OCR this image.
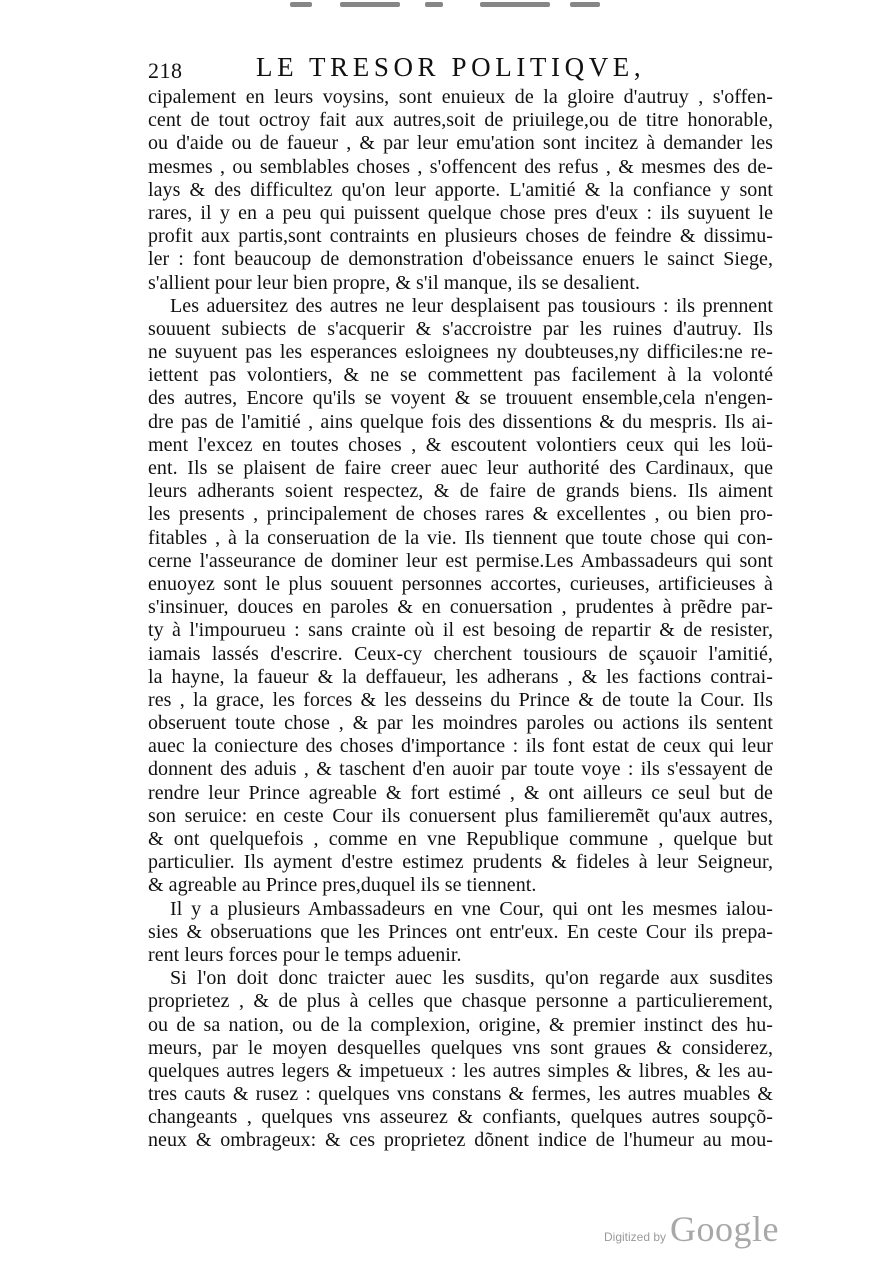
218	LE TRESOR POLITIQVE,
cipalement en leurs voysins, sont enuieux de la gloire d'autruy , s'offen-
cent de tout octroy fait aux autres,soit de priuilege,ou de titre honorable,
ou d'aide ou de faueur , & par leur emu'ation sont incitez à demander les
mesmes , ou semblables choses , s'offencent des refus , & mesmes des de-
lays & des difficultez qu'on leur apporte. L'amitié & la confiance y sont
rares, il y en a peu qui puissent quelque chose pres d'eux : ils suyuent le
profit aux partis,sont contraints en plusieurs choses de feindre & dissimu-
ler : font beaucoup de demonstration d'obeissance enuers le sainct Siege,
s'allient pour leur bien propre, & s'il manque, ils se desalient.
Les aduersitez des autres ne leur desplaisent pas tousiours : ils prennent
souuent subiects de s'acquerir & s'accroistre par les ruines d'autruy. Ils
ne suyuent pas les esperances esloignees ny doubteuses,ny difficiles:ne re-
iettent pas volontiers, & ne se commettent pas facilement à la volonté
des autres, Encore qu'ils se voyent & se trouuent ensemble,cela n'engen-
dre pas de l'amitié , ains quelque fois des dissentions & du mespris. Ils ai-
ment l'excez en toutes choses , & escoutent volontiers ceux qui les loü-
ent. Ils se plaisent de faire creer auec leur authorité des Cardinaux, que
leurs adherants soient respectez, & de faire de grands biens. Ils aiment
les presents , principalement de choses rares & excellentes , ou bien pro-
fitables , à la conseruation de la vie. Ils tiennent que toute chose qui con-
cerne l'asseurance de dominer leur est permise.Les Ambassadeurs qui sont
enuoyez sont le plus souuent personnes accortes, curieuses, artificieuses à
s'insinuer, douces en paroles & en conuersation , prudentes à prẽdre par-
ty à l'impourueu : sans crainte où il est besoing de repartir & de resister,
iamais lassés d'escrire. Ceux-cy cherchent tousiours de sçauoir l'amitié,
la hayne, la faueur & la deffaueur, les adherans , & les factions contrai-
res , la grace, les forces & les desseins du Prince & de toute la Cour. Ils
obseruent toute chose , & par les moindres paroles ou actions ils sentent
auec la coniecture des choses d'importance : ils font estat de ceux qui leur
donnent des aduis , & taschent d'en auoir par toute voye : ils s'essayent de
rendre leur Prince agreable & fort estimé , & ont ailleurs ce seul but de
son seruice: en ceste Cour ils conuersent plus familieremẽt qu'aux autres,
& ont quelquefois , comme en vne Republique commune , quelque but
particulier. Ils ayment d'estre estimez prudents & fideles à leur Seigneur,
& agreable au Prince pres,duquel ils se tiennent.
Il y a plusieurs Ambassadeurs en vne Cour, qui ont les mesmes ialou-
sies & obseruations que les Princes ont entr'eux. En ceste Cour ils prepa-
rent leurs forces pour le temps aduenir.
Si l'on doit donc traicter auec les susdits, qu'on regarde aux susdites
proprietez , & de plus à celles que chasque personne a particulierement,
ou de sa nation, ou de la complexion, origine, & premier instinct des hu-
meurs, par le moyen desquelles quelques vns sont graues & considerez,
quelques autres legers & impetueux : les autres simples & libres, & les au-
tres cauts & rusez : quelques vns constans & fermes, les autres muables &
changeants , quelques vns asseurez & confiants, quelques autres soupçõ-
neux & ombrageux: & ces proprietez dõnent indice de l'humeur au mou-
Digitized by Google
